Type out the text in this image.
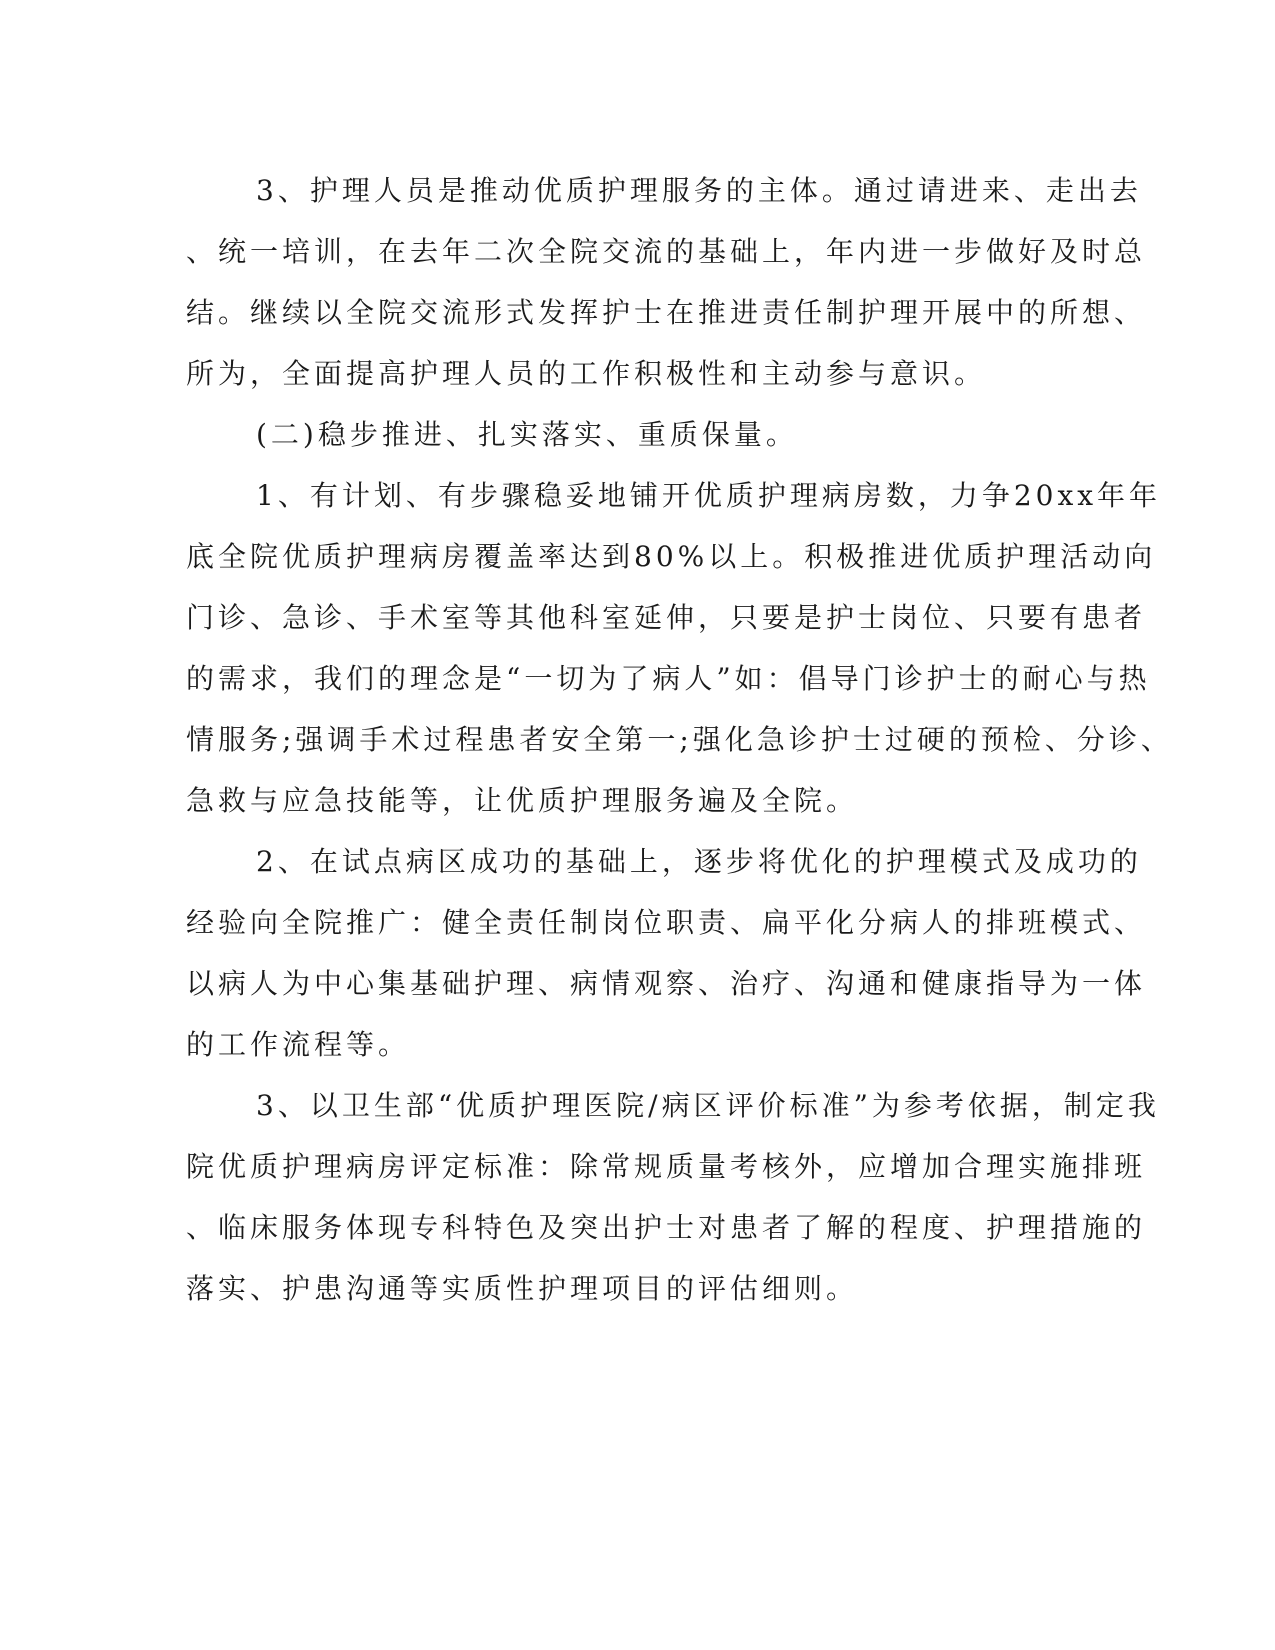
3、护理人员是推动优质护理服务的主体。通过请进来、走出去
、统一培训，在去年二次全院交流的基础上，年内进一步做好及时总
结。继续以全院交流形式发挥护士在推进责任制护理开展中的所想、
所为，全面提高护理人员的工作积极性和主动参与意识。
(二)稳步推进、扎实落实、重质保量。
1、有计划、有步骤稳妥地铺开优质护理病房数，力争20xx年年
底全院优质护理病房覆盖率达到80%以上。积极推进优质护理活动向
门诊、急诊、手术室等其他科室延伸，只要是护士岗位、只要有患者
的需求，我们的理念是“一切为了病人”如：倡导门诊护士的耐心与热
情服务;强调手术过程患者安全第一;强化急诊护士过硬的预检、分诊、
急救与应急技能等，让优质护理服务遍及全院。
2、在试点病区成功的基础上，逐步将优化的护理模式及成功的
经验向全院推广：健全责任制岗位职责、扁平化分病人的排班模式、
以病人为中心集基础护理、病情观察、治疗、沟通和健康指导为一体
的工作流程等。
3、以卫生部“优质护理医院/病区评价标准”为参考依据，制定我
院优质护理病房评定标准：除常规质量考核外，应增加合理实施排班
、临床服务体现专科特色及突出护士对患者了解的程度、护理措施的
落实、护患沟通等实质性护理项目的评估细则。
